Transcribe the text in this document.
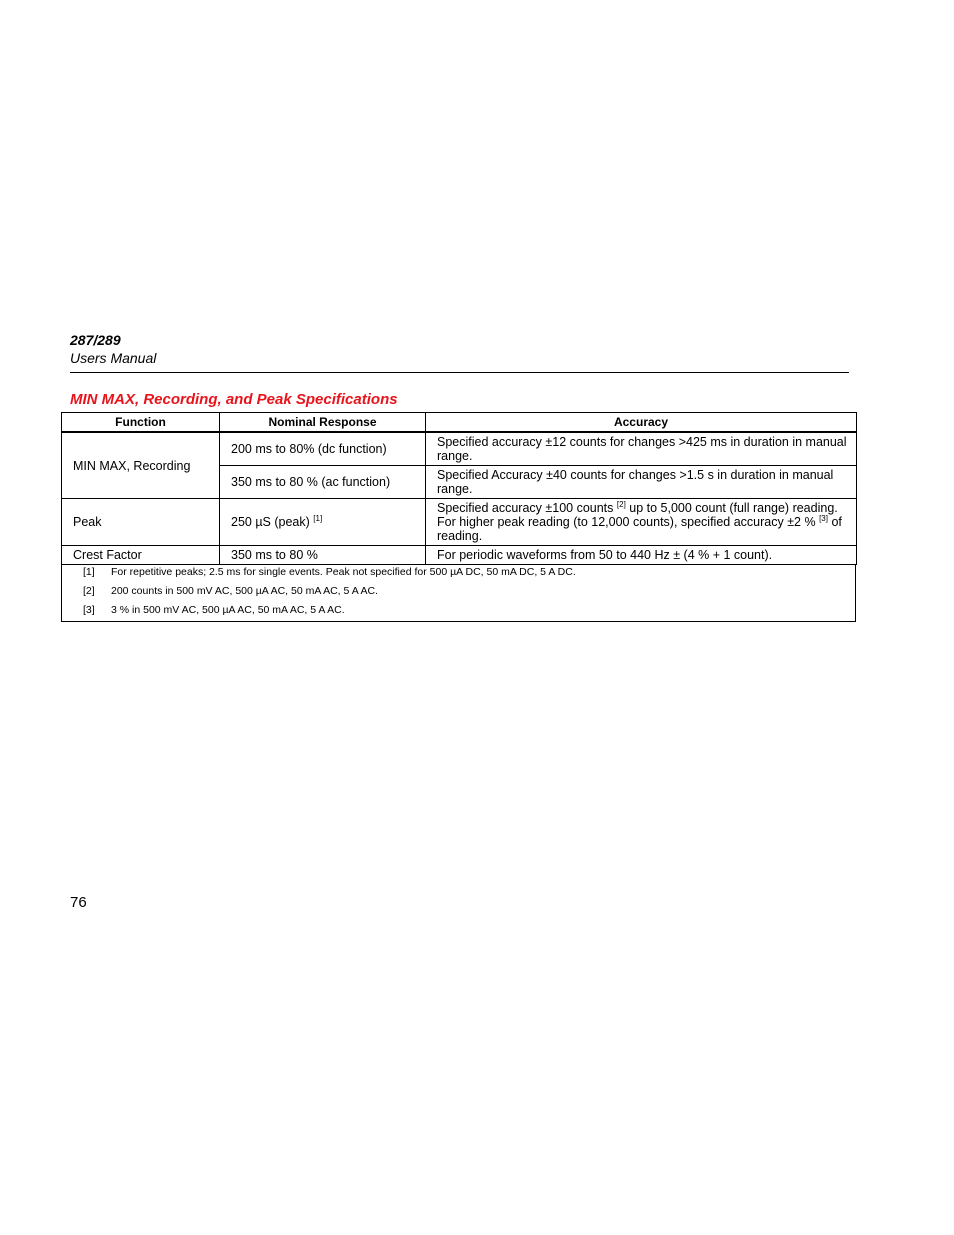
287/289
Users Manual
MIN MAX, Recording, and Peak Specifications
Function	Nominal Response	Accuracy
MIN MAX, Recording	200 ms to 80% (dc function)	Specified accuracy ±12 counts for changes >425 ms in duration in manual range.
	350 ms to 80 % (ac function)	Specified Accuracy ±40 counts for changes >1.5 s in duration in manual range.
Peak	250 µS (peak) [1]	Specified accuracy ±100 counts [2] up to 5,000 count (full range) reading. For higher peak reading (to 12,000 counts), specified accuracy ±2 % [3] of reading.
Crest Factor	350 ms to 80 %	For periodic waveforms from 50 to 440 Hz ± (4 % + 1 count).
[1] For repetitive peaks; 2.5 ms for single events. Peak not specified for 500 µA DC, 50 mA DC, 5 A DC.
[2] 200 counts in 500 mV AC, 500 µA AC, 50 mA AC, 5 A AC.
[3] 3 % in 500 mV AC, 500 µA AC, 50 mA AC, 5 A AC.
76
